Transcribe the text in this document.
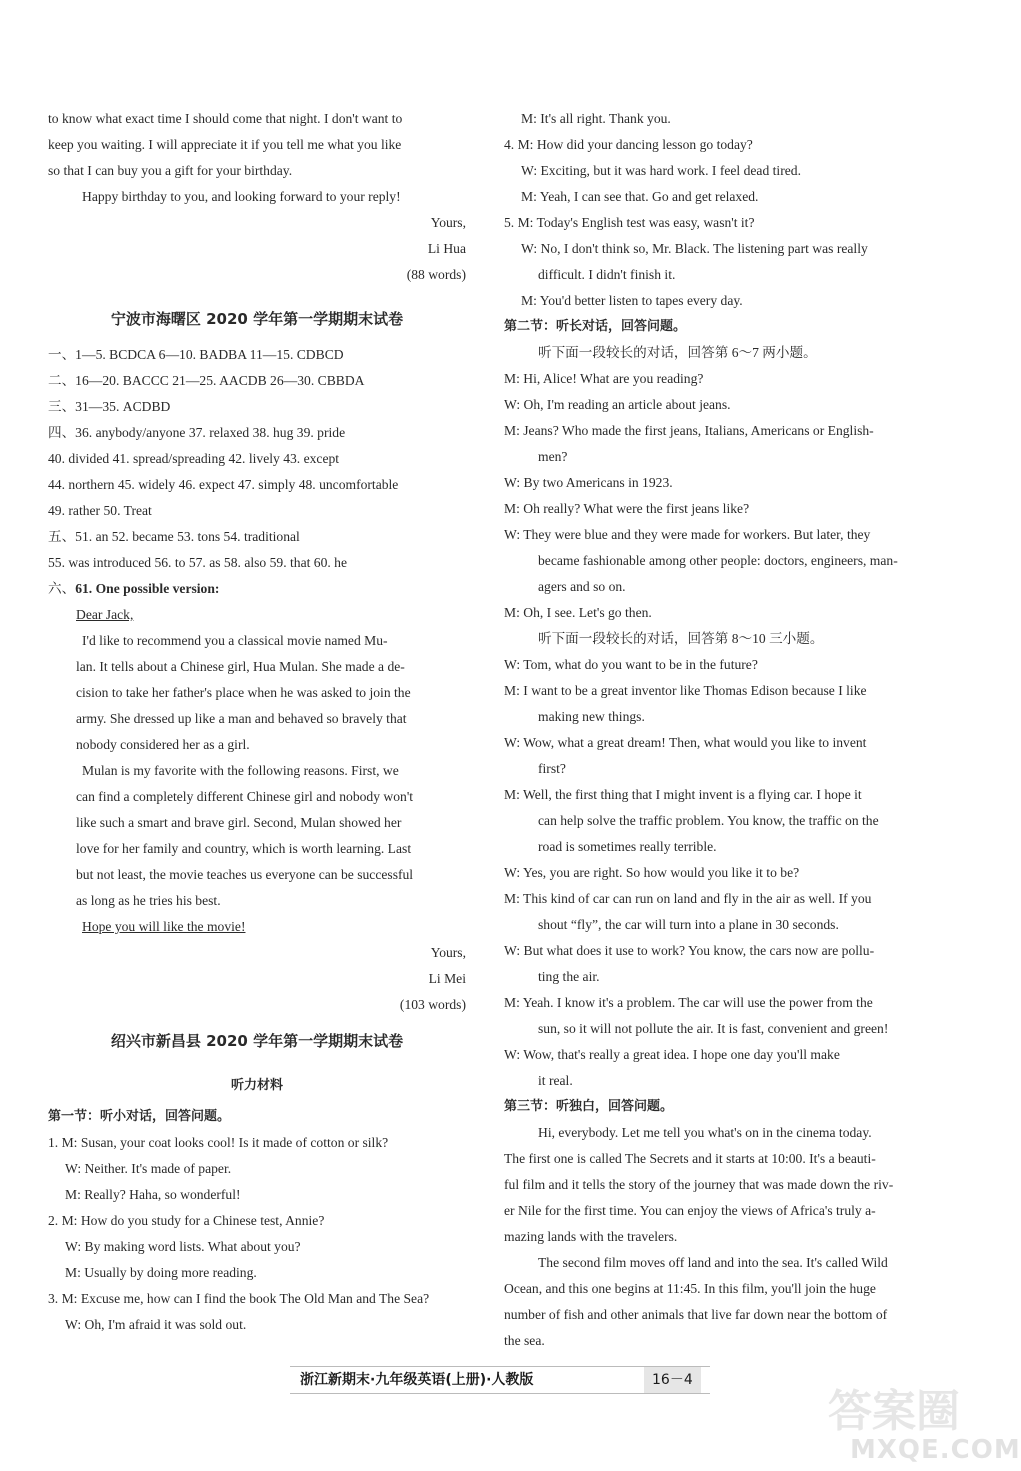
to know what exact time I should come that night. I don't want to
keep you waiting. I will appreciate it if you tell me what you like
so that I can buy you a gift for your birthday.
Happy birthday to you, and looking forward to your reply!
Yours,
Li Hua
(88 words)
宁波市海曙区 2020 学年第一学期期末试卷
一、1—5. BCDCA 6—10. BADBA 11—15. CDBCD
二、16—20. BACCC 21—25. AACDB 26—30. CBBDA
三、31—35. ACDBD
四、36. anybody/anyone 37. relaxed 38. hug 39. pride
40. divided 41. spread/spreading 42. lively 43. except
44. northern 45. widely 46. expect 47. simply 48. uncomfortable
49. rather 50. Treat
五、51. an 52. became 53. tons 54. traditional
55. was introduced 56. to 57. as 58. also 59. that 60. he
六、61. One possible version:
Dear Jack,
I'd like to recommend you a classical movie named Mu-
lan. It tells about a Chinese girl, Hua Mulan. She made a de-
cision to take her father's place when he was asked to join the
army. She dressed up like a man and behaved so bravely that
nobody considered her as a girl.
Mulan is my favorite with the following reasons. First, we
can find a completely different Chinese girl and nobody won't
like such a smart and brave girl. Second, Mulan showed her
love for her family and country, which is worth learning. Last
but not least, the movie teaches us everyone can be successful
as long as he tries his best.
Hope you will like the movie!
Yours,
Li Mei
(103 words)
绍兴市新昌县 2020 学年第一学期期末试卷
听力材料
第一节：听小对话，回答问题。
1. M: Susan, your coat looks cool! Is it made of cotton or silk?
W: Neither. It's made of paper.
M: Really? Haha, so wonderful!
2. M: How do you study for a Chinese test, Annie?
W: By making word lists. What about you?
M: Usually by doing more reading.
3. M: Excuse me, how can I find the book The Old Man and The Sea?
W: Oh, I'm afraid it was sold out.
M: It's all right. Thank you.
4. M: How did your dancing lesson go today?
W: Exciting, but it was hard work. I feel dead tired.
M: Yeah, I can see that. Go and get relaxed.
5. M: Today's English test was easy, wasn't it?
W: No, I don't think so, Mr. Black. The listening part was really
difficult. I didn't finish it.
M: You'd better listen to tapes every day.
第二节：听长对话，回答问题。
听下面一段较长的对话，回答第 6～7 两小题。
M: Hi, Alice! What are you reading?
W: Oh, I'm reading an article about jeans.
M: Jeans? Who made the first jeans, Italians, Americans or English-
men?
W: By two Americans in 1923.
M: Oh really? What were the first jeans like?
W: They were blue and they were made for workers. But later, they
became fashionable among other people: doctors, engineers, man-
agers and so on.
M: Oh, I see. Let's go then.
听下面一段较长的对话，回答第 8～10 三小题。
W: Tom, what do you want to be in the future?
M: I want to be a great inventor like Thomas Edison because I like
making new things.
W: Wow, what a great dream! Then, what would you like to invent
first?
M: Well, the first thing that I might invent is a flying car. I hope it
can help solve the traffic problem. You know, the traffic on the
road is sometimes really terrible.
W: Yes, you are right. So how would you like it to be?
M: This kind of car can run on land and fly in the air as well. If you
shout “fly”, the car will turn into a plane in 30 seconds.
W: But what does it use to work? You know, the cars now are pollu-
ting the air.
M: Yeah. I know it's a problem. The car will use the power from the
sun, so it will not pollute the air. It is fast, convenient and green!
W: Wow, that's really a great idea. I hope one day you'll make
it real.
第三节：听独白，回答问题。
Hi, everybody. Let me tell you what's on in the cinema today.
The first one is called The Secrets and it starts at 10:00. It's a beauti-
ful film and it tells the story of the journey that was made down the riv-
er Nile for the first time. You can enjoy the views of Africa's truly a-
mazing lands with the travelers.
The second film moves off land and into the sea. It's called Wild
Ocean, and this one begins at 11:45. In this film, you'll join the huge
number of fish and other animals that live far down near the bottom of
the sea.
浙江新期末·九年级英语(上册)·人教版	16－4
答案圈
MXQE.COM
